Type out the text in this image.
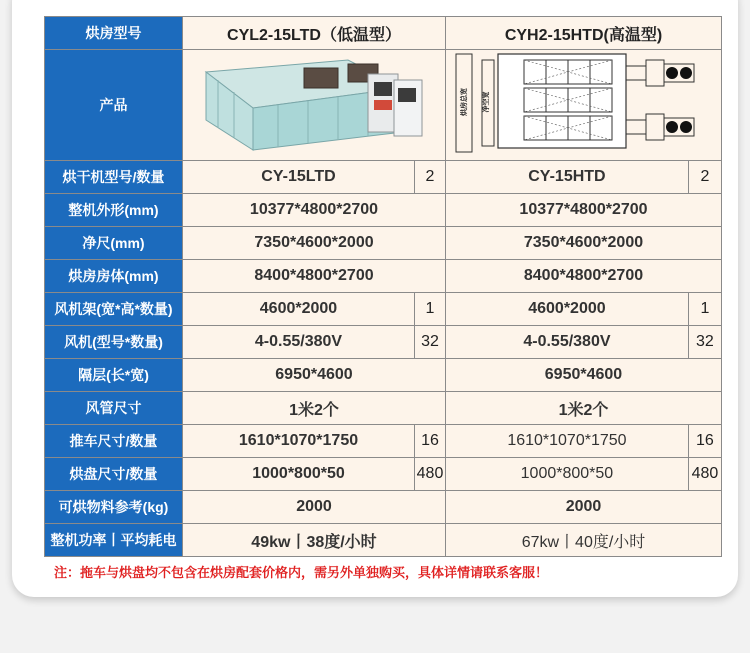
烘房型号	CYL2-15LTD（低温型）		CYH2-15HTD(高温型)	
产品			烘房总宽 净空宽	

烘干机型号/数量	CY-15LTD	2	CY-15HTD	2
整机外形(mm)	10377*4800*2700		10377*4800*2700	
净尺(mm)	7350*4600*2000		7350*4600*2000	
烘房房体(mm)	8400*4800*2700		8400*4800*2700	
风机架(宽*高*数量)	4600*2000	1	4600*2000	1
风机(型号*数量)	4-0.55/380V	32	4-0.55/380V	32
隔层(长*宽)	6950*4600		6950*4600	
风管尺寸	1米2个		1米2个	
推车尺寸/数量	1610*1070*1750	16	1610*1070*1750	16
烘盘尺寸/数量	1000*800*50	480	1000*800*50	480
可烘物料参考(kg)	2000		2000	
整机功率丨平均耗电	49kw丨38度/小时		67kw丨40度/小时	
注：拖车与烘盘均不包含在烘房配套价格内，需另外单独购买，具体详情请联系客服！
